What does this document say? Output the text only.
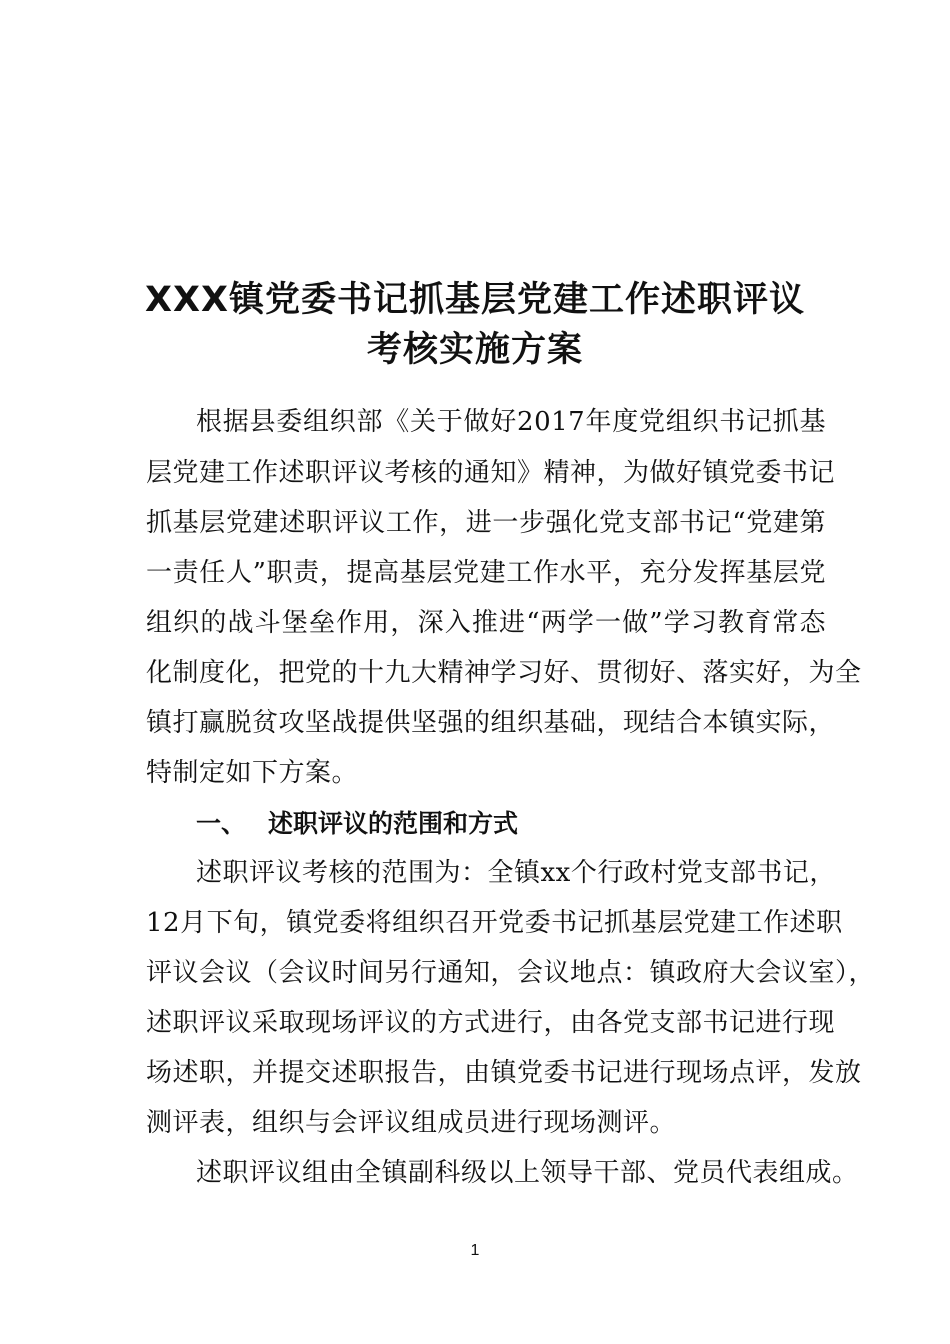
XXX镇党委书记抓基层党建工作述职评议
考核实施方案
根据县委组织部《关于做好2017年度党组织书记抓基
层党建工作述职评议考核的通知》精神，为做好镇党委书记
抓基层党建述职评议工作，进一步强化党支部书记“党建第
一责任人”职责，提高基层党建工作水平，充分发挥基层党
组织的战斗堡垒作用，深入推进“两学一做”学习教育常态
化制度化，把党的十九大精神学习好、贯彻好、落实好，为全
镇打赢脱贫攻坚战提供坚强的组织基础，现结合本镇实际，
特制定如下方案。
一、 述职评议的范围和方式
述职评议考核的范围为：全镇xx个行政村党支部书记，
12月下旬，镇党委将组织召开党委书记抓基层党建工作述职
评议会议（会议时间另行通知，会议地点：镇政府大会议室），
述职评议采取现场评议的方式进行，由各党支部书记进行现
场述职，并提交述职报告，由镇党委书记进行现场点评，发放
测评表，组织与会评议组成员进行现场测评。
述职评议组由全镇副科级以上领导干部、党员代表组成。
1
